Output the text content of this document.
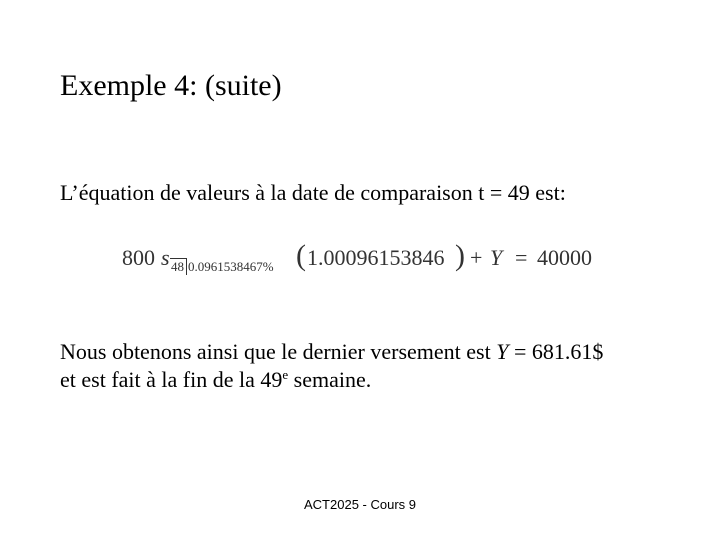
Exemple 4: (suite)
L’équation de valeurs à la date de comparaison t = 49 est:
800 s 48 0.0961538467% ( 1.00096153846 ) + Y = 40000
Nous obtenons ainsi que le dernier versement est Y = 681.61$
et est fait à la fin de la 49e semaine.
ACT2025 - Cours 9
